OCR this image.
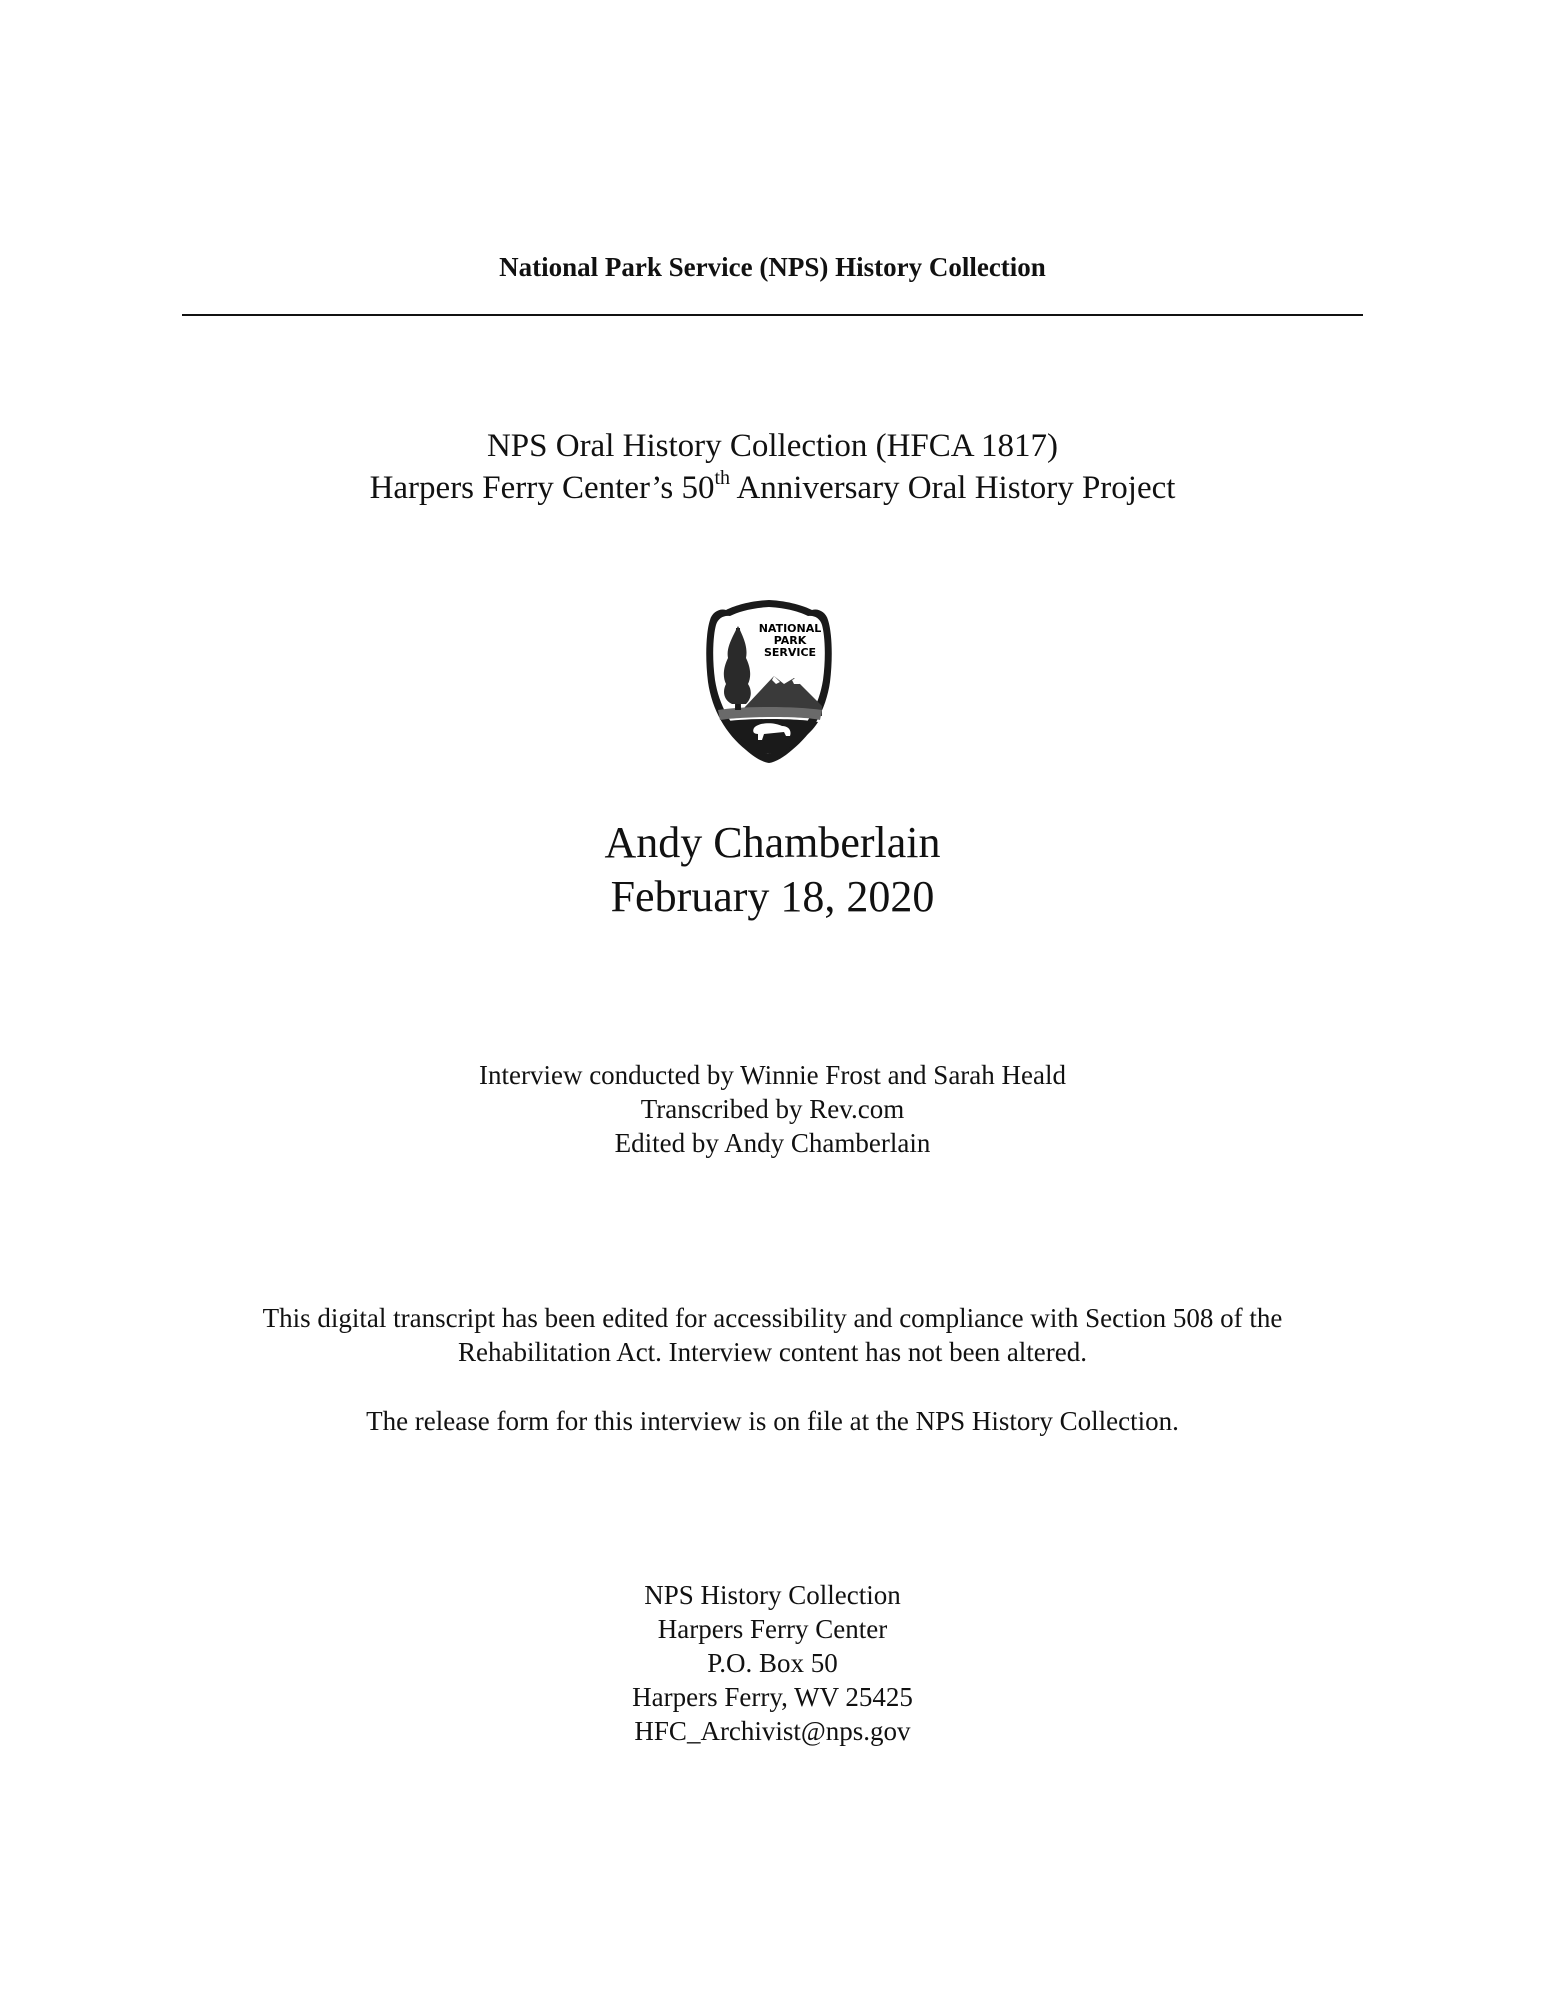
National Park Service (NPS) History Collection
NPS Oral History Collection (HFCA 1817)
Harpers Ferry Center’s 50th Anniversary Oral History Project
NATIONAL
PARK
SERVICE
Andy Chamberlain
February 18, 2020
Interview conducted by Winnie Frost and Sarah Heald
Transcribed by Rev.com
Edited by Andy Chamberlain
This digital transcript has been edited for accessibility and compliance with Section 508 of the
Rehabilitation Act. Interview content has not been altered.
The release form for this interview is on file at the NPS History Collection.
NPS History Collection
Harpers Ferry Center
P.O. Box 50
Harpers Ferry, WV 25425
HFC_Archivist@nps.gov
